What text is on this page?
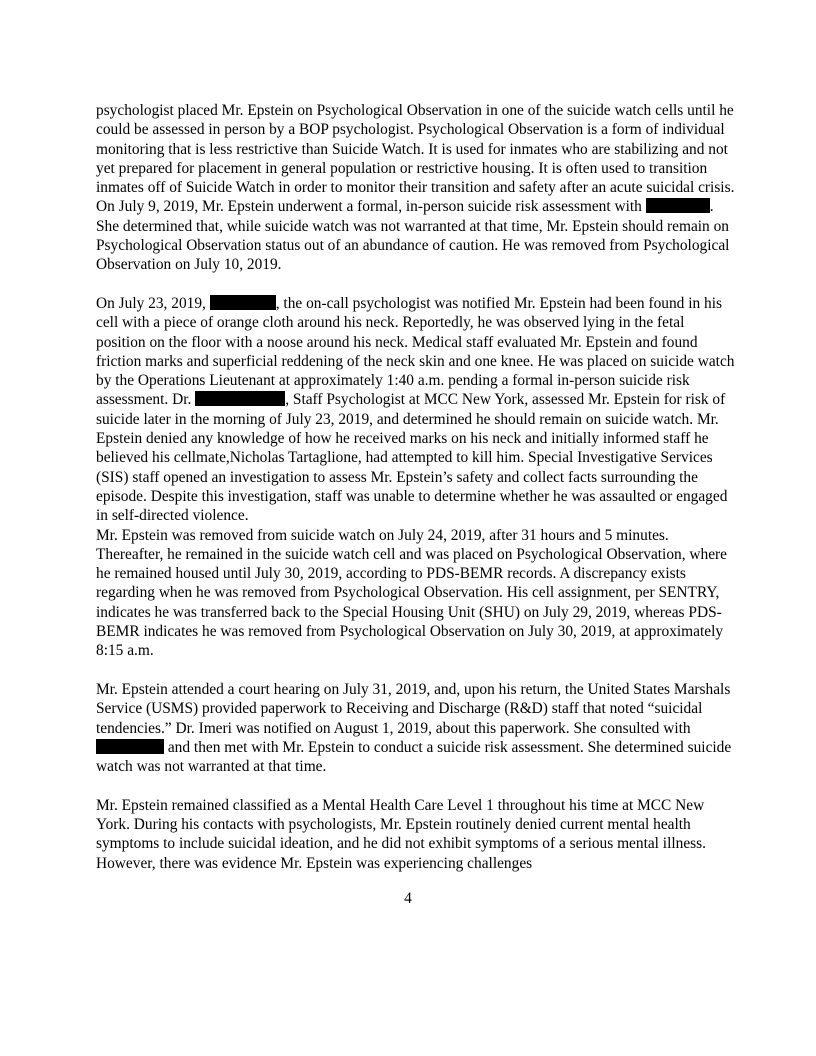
psychologist placed Mr. Epstein on Psychological Observation in one of the suicide watch cells until he could be assessed in person by a BOP psychologist. Psychological Observation is a form of individual monitoring that is less restrictive than Suicide Watch. It is used for inmates who are stabilizing and not yet prepared for placement in general population or restrictive housing. It is often used to transition inmates off of Suicide Watch in order to monitor their transition and safety after an acute suicidal crisis. On July 9, 2019, Mr. Epstein underwent a formal, in-person suicide risk assessment with	. She determined that, while suicide watch was not warranted at that time, Mr. Epstein should remain on Psychological Observation status out of an abundance of caution. He was removed from Psychological Observation on July 10, 2019.

On July 23, 2019,	, the on-call psychologist was notified Mr. Epstein had been found in his cell with a piece of orange cloth around his neck. Reportedly, he was observed lying in the fetal position on the floor with a noose around his neck. Medical staff evaluated Mr. Epstein and found friction marks and superficial reddening of the neck skin and one knee. He was placed on suicide watch by the Operations Lieutenant at approximately 1:40 a.m. pending a formal in-person suicide risk assessment. Dr.	, Staff Psychologist at MCC New York, assessed Mr. Epstein for risk of suicide later in the morning of July 23, 2019, and determined he should remain on suicide watch. Mr. Epstein denied any knowledge of how he received marks on his neck and initially informed staff he believed his cellmate,Nicholas Tartaglione, had attempted to kill him. Special Investigative Services (SIS) staff opened an investigation to assess Mr. Epstein’s safety and collect facts surrounding the episode. Despite this investigation, staff was unable to determine whether he was assaulted or engaged in self-directed violence.

Mr. Epstein was removed from suicide watch on July 24, 2019, after 31 hours and 5 minutes. Thereafter, he remained in the suicide watch cell and was placed on Psychological Observation, where he remained housed until July 30, 2019, according to PDS-BEMR records. A discrepancy exists regarding when he was removed from Psychological Observation. His cell assignment, per SENTRY, indicates he was transferred back to the Special Housing Unit (SHU) on July 29, 2019, whereas PDS-BEMR indicates he was removed from Psychological Observation on July 30, 2019, at approximately 8:15 a.m.

Mr. Epstein attended a court hearing on July 31, 2019, and, upon his return, the United States Marshals Service (USMS) provided paperwork to Receiving and Discharge (R&D) staff that noted “suicidal tendencies.” Dr. Imeri was notified on August 1, 2019, about this paperwork. She consulted with  and then met with Mr. Epstein to conduct a suicide risk assessment. She determined suicide watch was not warranted at that time.

Mr. Epstein remained classified as a Mental Health Care Level 1 throughout his time at MCC New York. During his contacts with psychologists, Mr. Epstein routinely denied current mental health symptoms to include suicidal ideation, and he did not exhibit symptoms of a serious mental illness. However, there was evidence Mr. Epstein was experiencing challenges

4
